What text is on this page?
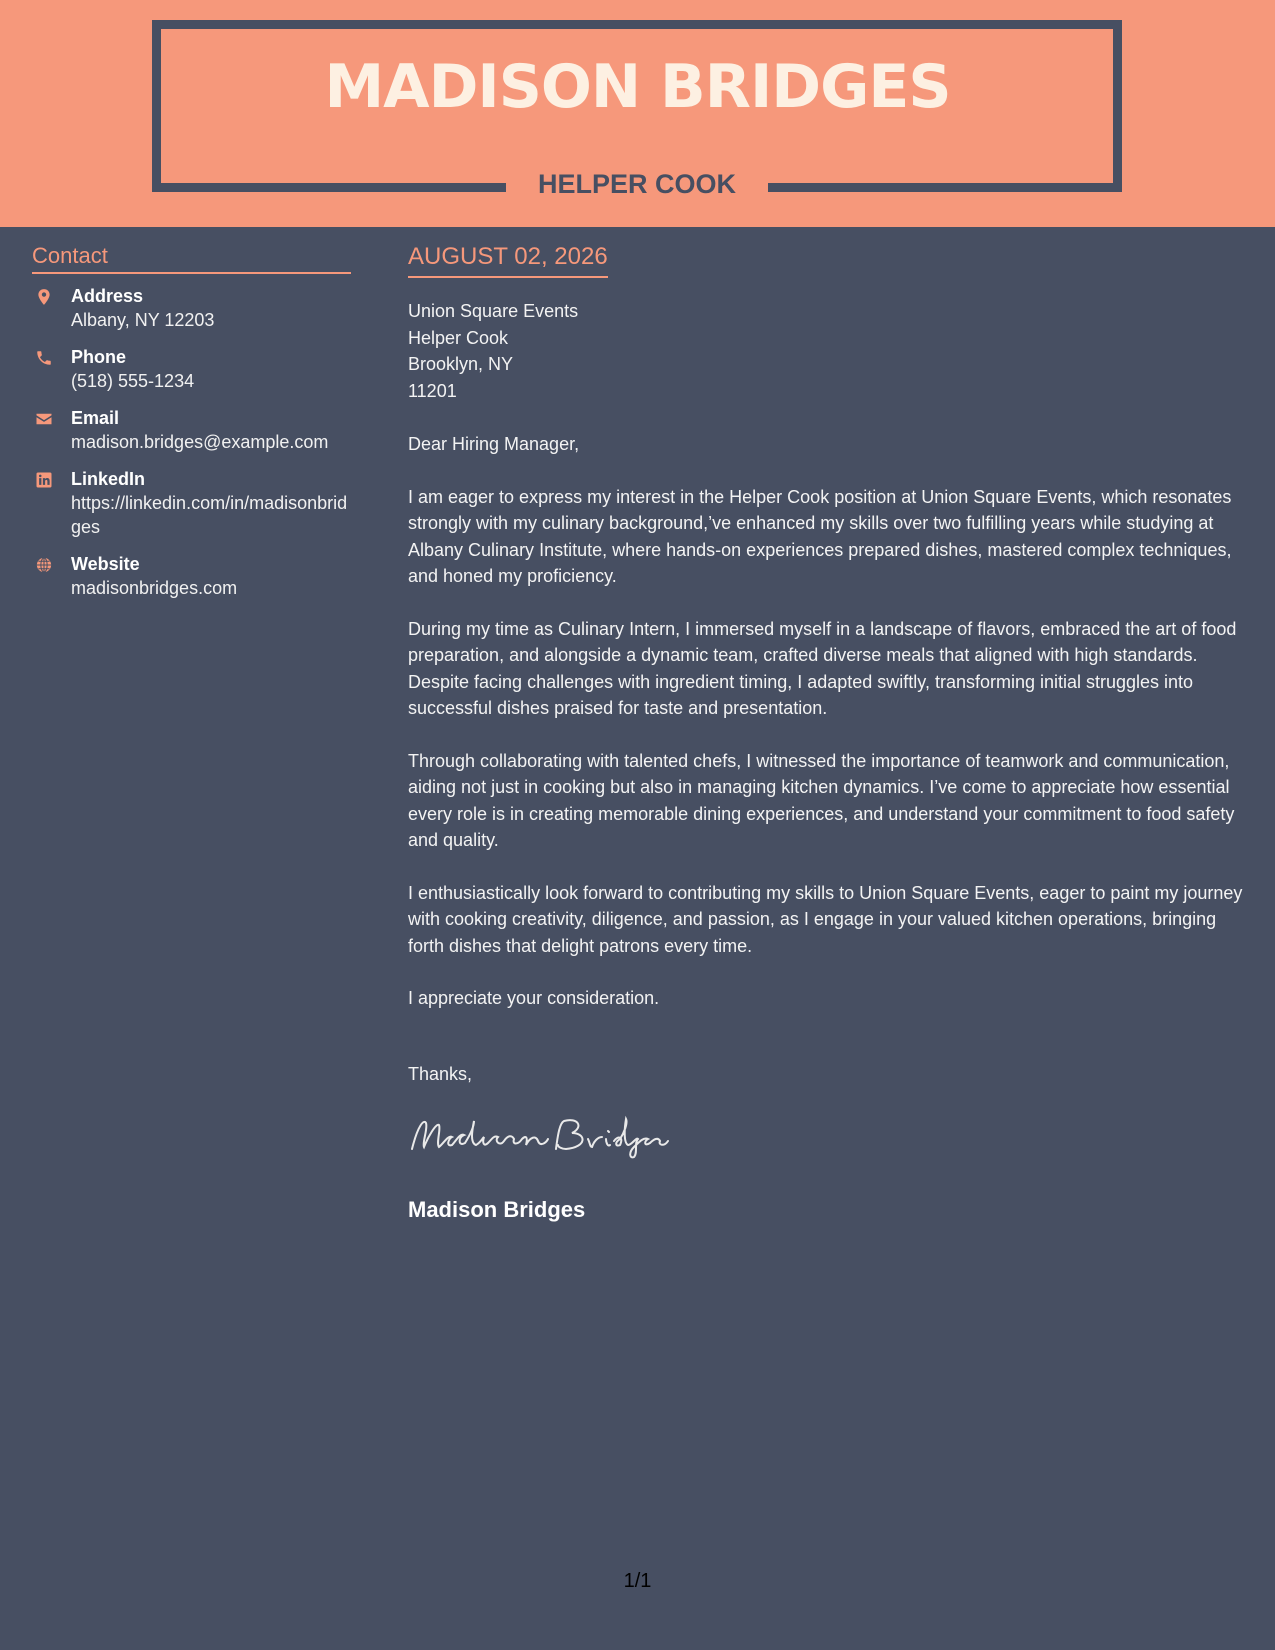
MADISON BRIDGES
HELPER COOK
Contact
Address
Albany, NY 12203
Phone
(518) 555-1234
Email
madison.bridges@example.com
LinkedIn
https://linkedin.com/in/madisonbridges
Website
madisonbridges.com
AUGUST 02, 2026
Union Square Events
Helper Cook
Brooklyn, NY
11201
Dear Hiring Manager,
I am eager to express my interest in the Helper Cook position at Union Square Events, which resonates strongly with my culinary background,’ve enhanced my skills over two fulfilling years while studying at Albany Culinary Institute, where hands-on experiences prepared dishes, mastered complex techniques, and honed my proficiency.
During my time as Culinary Intern, I immersed myself in a landscape of flavors, embraced the art of food preparation, and alongside a dynamic team, crafted diverse meals that aligned with high standards. Despite facing challenges with ingredient timing, I adapted swiftly, transforming initial struggles into successful dishes praised for taste and presentation.
Through collaborating with talented chefs, I witnessed the importance of teamwork and communication, aiding not just in cooking but also in managing kitchen dynamics. I’ve come to appreciate how essential every role is in creating memorable dining experiences, and understand your commitment to food safety and quality.
I enthusiastically look forward to contributing my skills to Union Square Events, eager to paint my journey with cooking creativity, diligence, and passion, as I engage in your valued kitchen operations, bringing forth dishes that delight patrons every time.
I appreciate your consideration.
Thanks,
Madison Bridges
1/1
